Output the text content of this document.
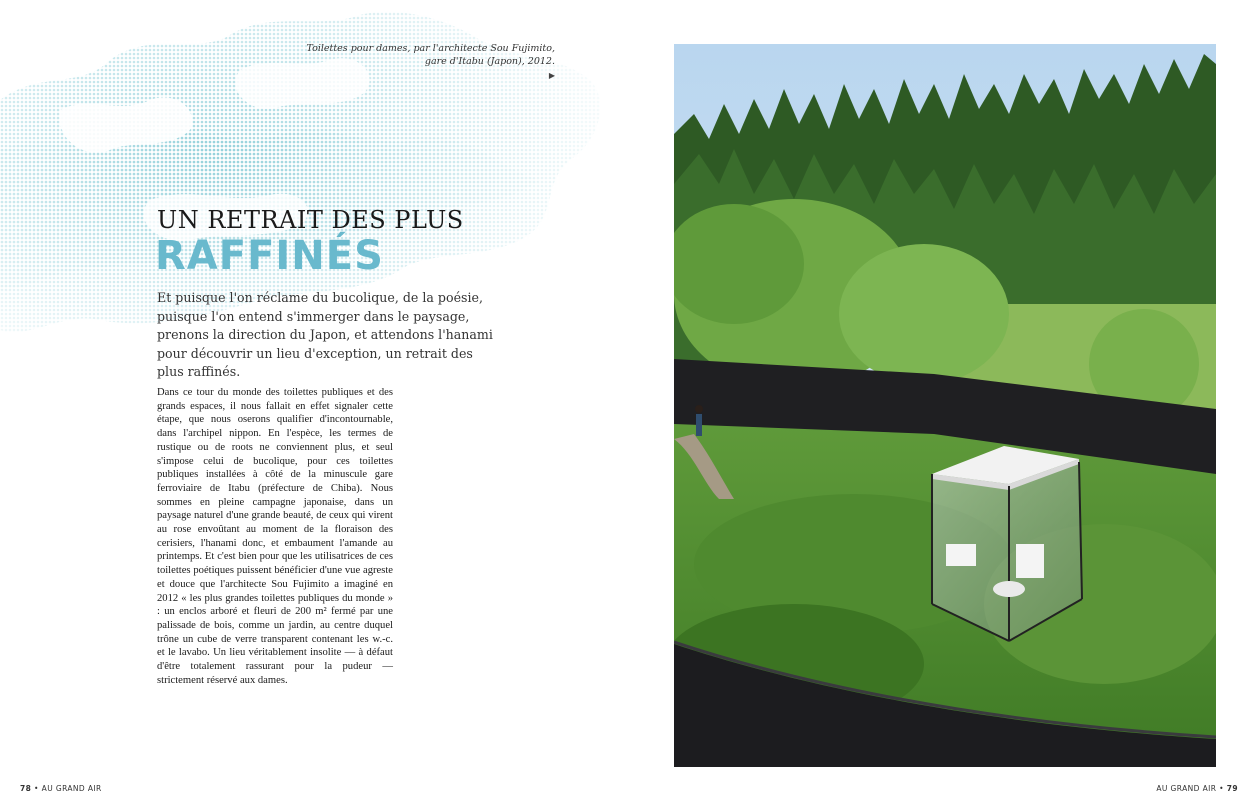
Toilettes pour dames, par l'architecte Sou Fujimito, gare d'Itabu (Japon), 2012.
▶
UN RETRAIT DES PLUS
RAFFINÉS
Et puisque l'on réclame du bucolique, de la poésie, puisque l'on entend s'immerger dans le paysage, prenons la direction du Japon, et attendons l'hanami pour découvrir un lieu d'exception, un retrait des plus raffinés.
Dans ce tour du monde des toilettes publiques et des grands espaces, il nous fallait en effet signaler cette étape, que nous oserons qualifier d'incontournable, dans l'archipel nippon. En l'espèce, les termes de rustique ou de roots ne conviennent plus, et seul s'impose celui de bucolique, pour ces toilettes publiques installées à côté de la minuscule gare ferroviaire de Itabu (préfecture de Chiba). Nous sommes en pleine campagne japonaise, dans un paysage naturel d'une grande beauté, de ceux qui virent au rose envoûtant au moment de la floraison des cerisiers, l'hanami donc, et embaument l'amande au printemps. Et c'est bien pour que les utilisatrices de ces toilettes poétiques puissent bénéficier d'une vue agreste et douce que l'architecte Sou Fujimito a imaginé en 2012 « les plus grandes toilettes publiques du monde » : un enclos arboré et fleuri de 200 m² fermé par une palissade de bois, comme un jardin, au centre duquel trône un cube de verre transparent contenant les w.-c. et le lavabo. Un lieu véritablement insolite — à défaut d'être totalement rassurant pour la pudeur — strictement réservé aux dames.
78 • AU GRAND AIR	AU GRAND AIR • 79
